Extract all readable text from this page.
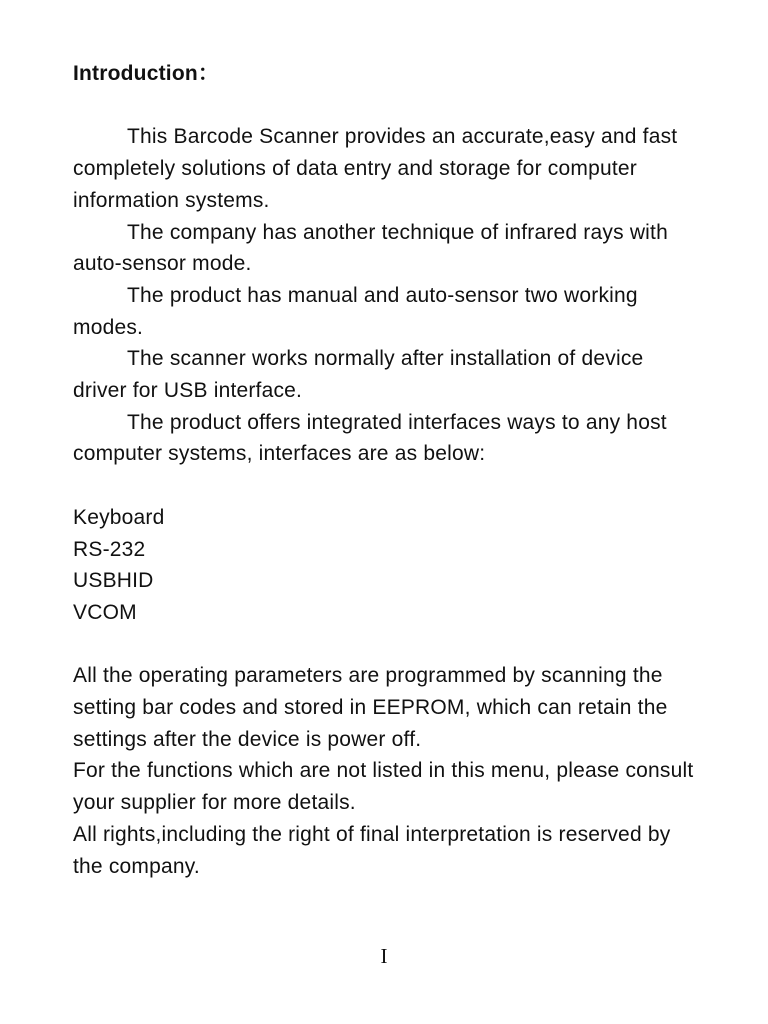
Introduction：

This Barcode Scanner provides an accurate,easy and fast completely solutions of data entry and storage for computer information systems.

The company has another technique of infrared rays with auto-sensor mode.

The product has manual and auto-sensor two working modes.

The scanner works normally after installation of device driver for USB interface.

The product offers integrated interfaces ways to any host computer systems, interfaces are as below:

Keyboard
RS-232
USBHID
VCOM

All the operating parameters are programmed by scanning the setting bar codes and stored in EEPROM, which can retain the settings after the device is power off.

For the functions which are not listed in this menu, please consult your supplier for more details.

All rights,including the right of final interpretation is reserved by the company.

I
